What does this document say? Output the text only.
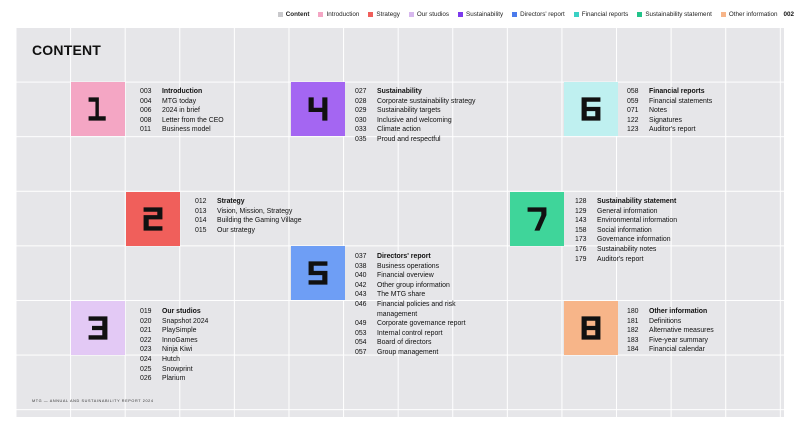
Content	Introduction	Strategy	Our studios	Sustainability	Directors' report	Financial reports	Sustainability statement	Other information 002
CONTENT
MTG — ANNUAL AND SUSTAINABILITY REPORT 2024
003	Introduction
004	MTG today
006	2024 in brief
008	Letter from the CEO
011	Business model
012	Strategy
013	Vision, Mission, Strategy
014	Building the Gaming Village
015	Our strategy
019	Our studios
020	Snapshot 2024
021	PlaySimple
022	InnoGames
023	Ninja Kiwi
024	Hutch
025	Snowprint
026	Plarium
027	Sustainability
028	Corporate sustainability strategy
029	Sustainability targets
030	Inclusive and welcoming
033	Climate action
035	Proud and respectful
037	Directors' report
038	Business operations
040	Financial overview
042	Other group information
043	The MTG share
046	Financial policies and risk management
049	Corporate governance report
053	Internal control report
054	Board of directors
057	Group management
058	Financial reports
059	Financial statements
071	Notes
122	Signatures
123	Auditor's report
128	Sustainability statement
129	General information
143	Environmental information
158	Social information
173	Governance information
176	Sustainability notes
179	Auditor's report
180	Other information
181	Definitions
182	Alternative measures
183	Five-year summary
184	Financial calendar
